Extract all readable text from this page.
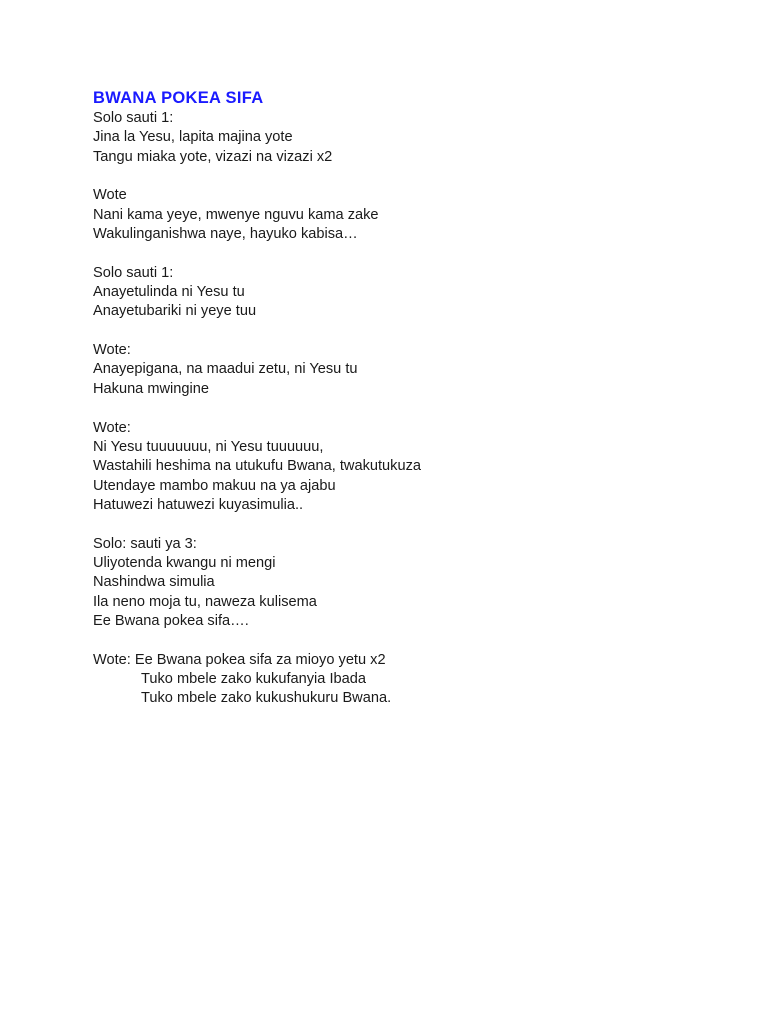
BWANA POKEA SIFA
Solo sauti 1:
Jina la Yesu, lapita majina yote
Tangu miaka yote, vizazi na vizazi x2
Wote
Nani kama yeye, mwenye nguvu kama zake
Wakulinganishwa naye, hayuko kabisa…
Solo sauti 1:
Anayetulinda ni Yesu tu
Anayetubariki ni yeye tuu
Wote:
Anayepigana, na maadui zetu, ni Yesu tu
Hakuna mwingine
Wote:
Ni Yesu tuuuuuuu, ni Yesu tuuuuuu,
Wastahili heshima na utukufu Bwana, twakutukuza
Utendaye mambo makuu na ya ajabu
Hatuwezi hatuwezi kuyasimulia..
Solo: sauti ya 3:
Uliyotenda kwangu ni mengi
Nashindwa simulia
Ila neno moja tu, naweza kulisema
Ee Bwana pokea sifa….
Wote: Ee Bwana pokea sifa za mioyo yetu x2
Tuko mbele zako kukufanyia Ibada
Tuko mbele zako kukushukuru Bwana.
